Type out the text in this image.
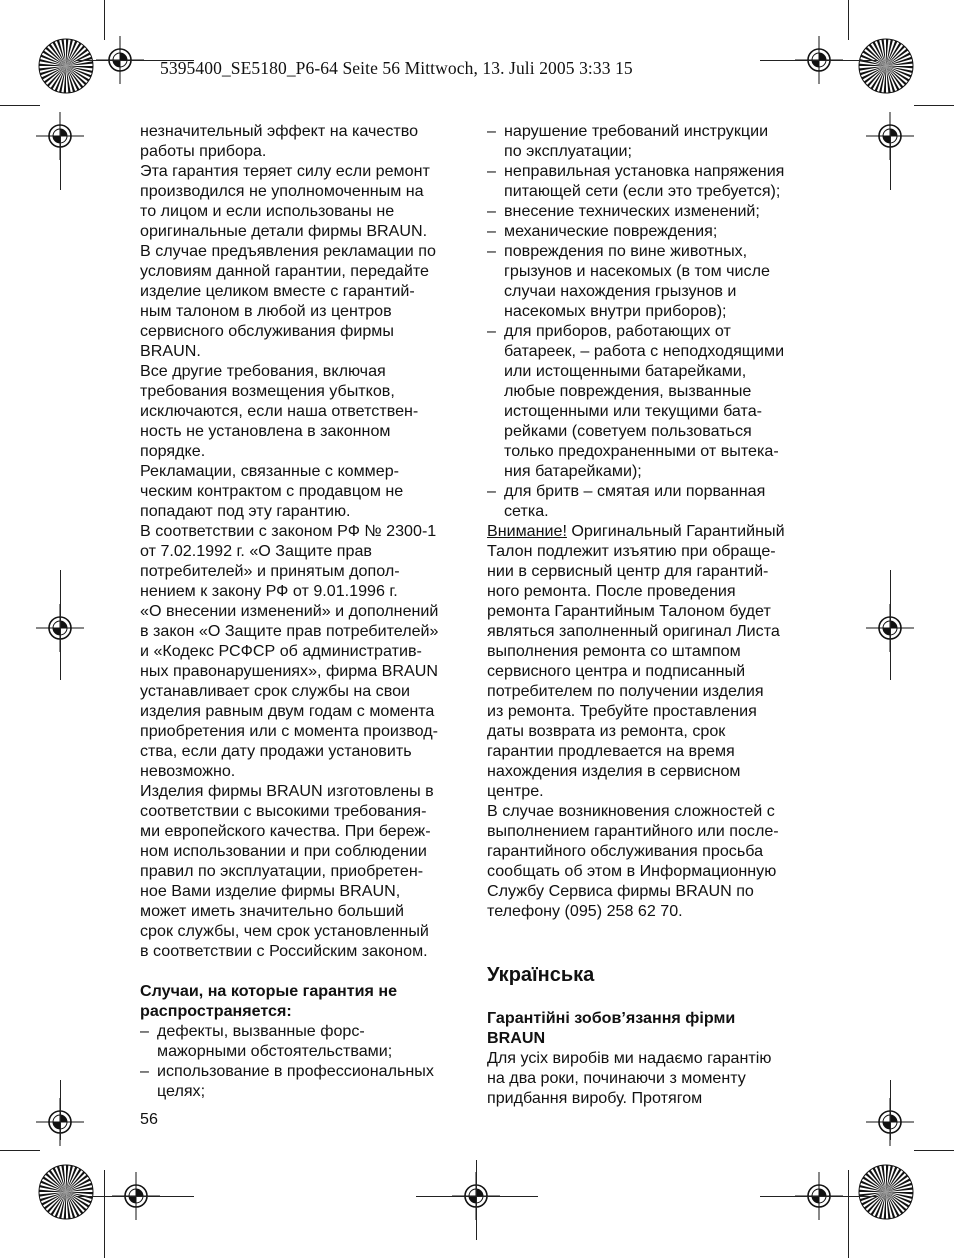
5395400_SE5180_P6-64 Seite 56 Mittwoch, 13. Juli 2005 3:33 15

незначительный эффект на качество
работы прибора.

Эта гарантия теряет силу если ремонт
производился не уполномоченным на
то лицом и если использованы не
оригинальные детали фирмы BRAUN.

В случае предъявления рекламации по
условиям данной гарантии, передайте
изделие целиком вместе с гарантий-
ным талоном в любой из центров
сервисного обслуживания фирмы
BRAUN.

Все другие требования, включая
требования возмещения убытков,
исключаются, если наша ответствен-
ность не установлена в законном
порядке.

Рекламации, связанные с коммер-
ческим контрактом с продавцом не
попадают под эту гарантию.

В соответствии с законом РФ № 2300-1
от 7.02.1992 г. «О Защите прав
потребителей» и принятым допол-
нением к закону РФ от 9.01.1996 г.
«О внесении изменений» и дополнений
в закон «О Защите прав потребителей»
и «Кодекс РСФСР об административ-
ных правонарушениях», фирма BRAUN
устанавливает срок службы на свои
изделия равным двум годам с момента
приобретения или с момента производ-
ства, если дату продажи установить
невозможно.

Изделия фирмы BRAUN изготовлены в
соответствии с высокими требования-
ми европейского качества. При береж-
ном использовании и при соблюдении
правил по эксплуатации, приобретен-
ное Вами изделие фирмы BRAUN,
может иметь значительно больший
срок службы, чем срок установленный
в соответствии с Российским законом.

Случаи, на которые гарантия не
распространяется:

– дефекты, вызванные форс-
мажорными обстоятельствами;
– использование в профессиональных
целях;
– нарушение требований инструкции
по эксплуатации;
– неправильная установка напряжения
питающей сети (если это требуется);
– внесение технических изменений;
– механические повреждения;
– повреждения по вине животных,
грызунов и насекомых (в том числе
случаи нахождения грызунов и
насекомых внутри приборов);
– для приборов, работающих от
батареек, – работа с неподходящими
или истощенными батарейками,
любые повреждения, вызванные
истощенными или текущими бата-
рейками (советуем пользоваться
только предохраненными от вытека-
ния батарейками);
– для бритв – смятая или порванная
сетка.

Внимание! Оригинальный Гарантийный
Талон подлежит изъятию при обраще-
нии в сервисный центр для гарантий-
ного ремонта. После проведения
ремонта Гарантийным Талоном будет
являться заполненный оригинал Листа
выполнения ремонта со штампом
сервисного центра и подписанный
потребителем по получении изделия
из ремонта. Требуйте проставления
даты возврата из ремонта, срок
гарантии продлевается на время
нахождения изделия в сервисном
центре.

В случае возникновения сложностей с
выполнением гарантийного или после-
гарантийного обслуживания просьба
сообщать об этом в Информационную
Службу Сервиса фирмы BRAUN по
телефону (095) 258 62 70.

Українська

Гарантійні зобов’язання фірми
BRAUN

Для усіх виробів ми надаємо гарантію
на два роки, починаючи з моменту
придбання виробу. Протягом

56
